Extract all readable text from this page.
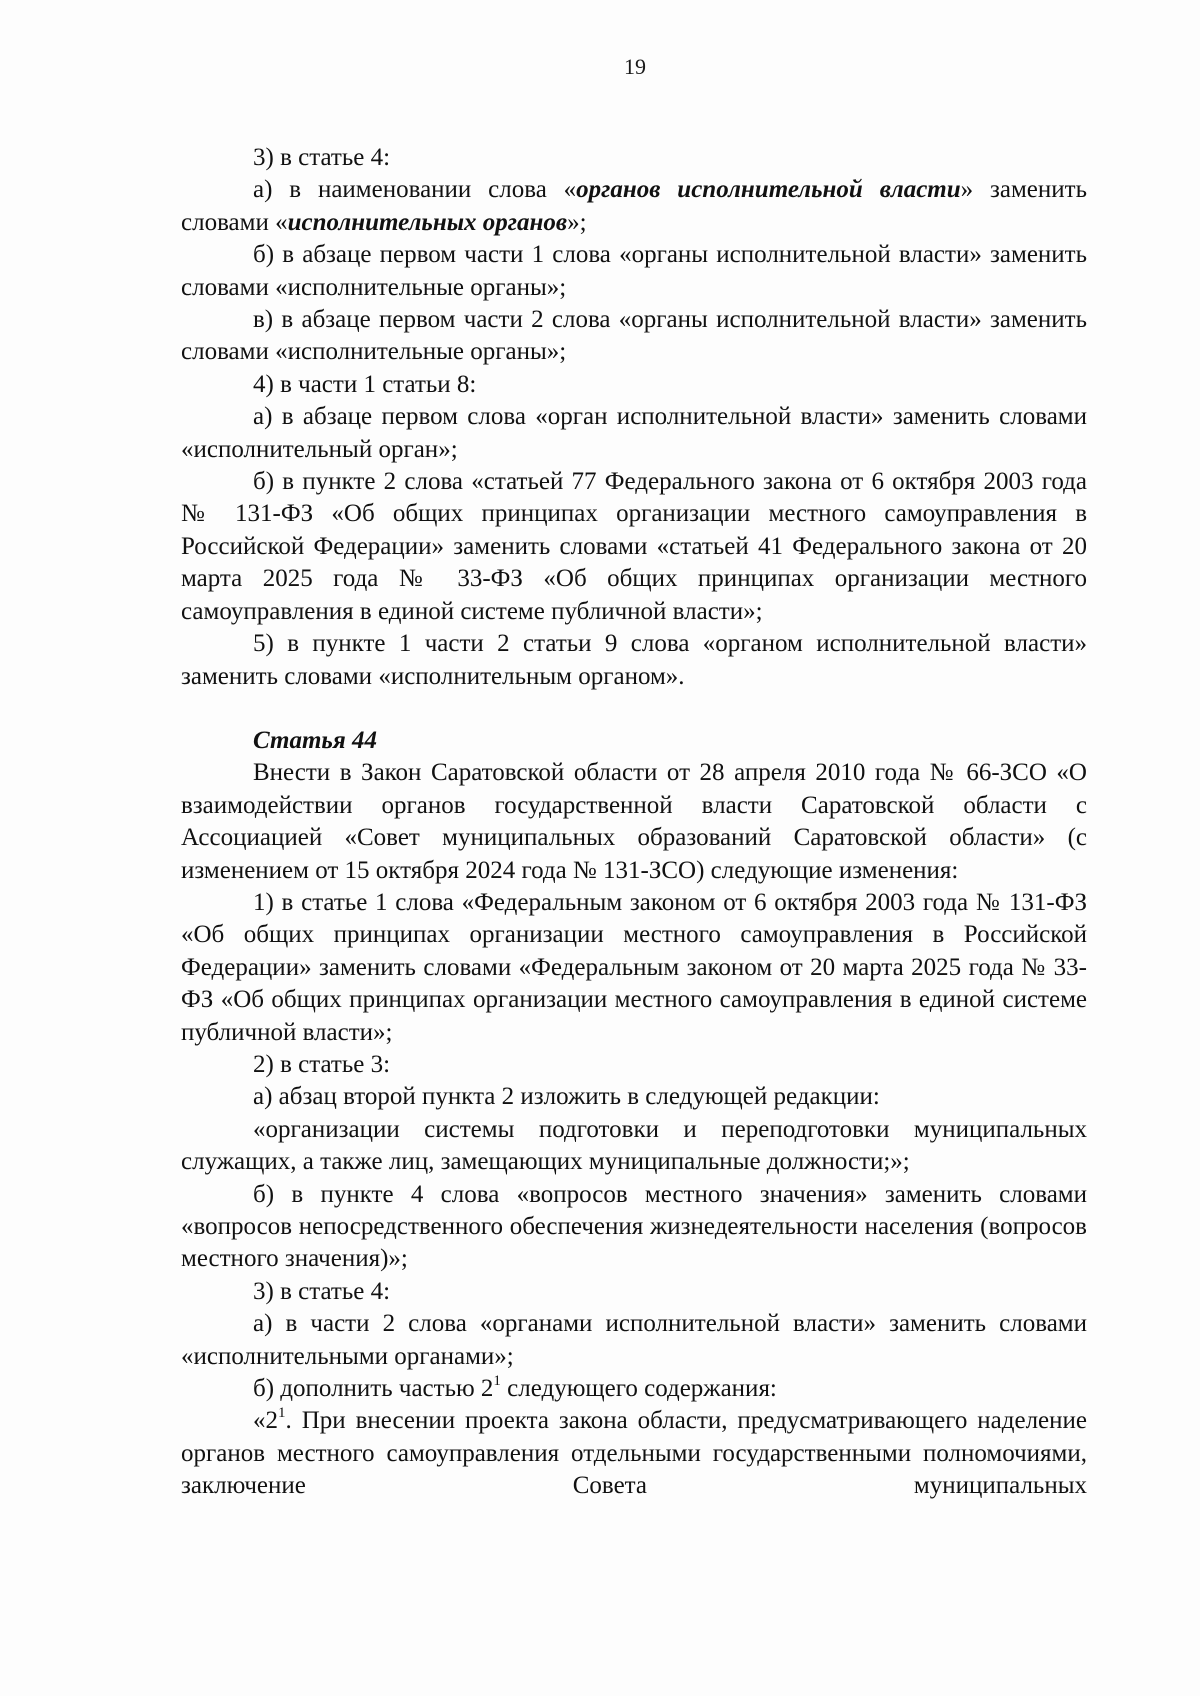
19

3) в статье 4:

а) в наименовании слова «органов исполнительной власти» заменить словами «исполнительных органов»;

б) в абзаце первом части 1 слова «органы исполнительной власти» заменить словами «исполнительные органы»;

в) в абзаце первом части 2 слова «органы исполнительной власти» заменить словами «исполнительные органы»;

4) в части 1 статьи 8:

а) в абзаце первом слова «орган исполнительной власти» заменить словами «исполнительный орган»;

б) в пункте 2 слова «статьей 77 Федерального закона от 6 октября 2003 года № 131-ФЗ «Об общих принципах организации местного самоуправления в Российской Федерации» заменить словами «статьей 41 Федерального закона от 20 марта 2025 года № 33-ФЗ «Об общих принципах организации местного самоуправления в единой системе публичной власти»;

5) в пункте 1 части 2 статьи 9 слова «органом исполнительной власти» заменить словами «исполнительным органом».

Статья 44

Внести в Закон Саратовской области от 28 апреля 2010 года № 66-ЗСО «О взаимодействии органов государственной власти Саратовской области с Ассоциацией «Совет муниципальных образований Саратовской области» (с изменением от 15 октября 2024 года № 131-ЗСО) следующие изменения:

1) в статье 1 слова «Федеральным законом от 6 октября 2003 года № 131-ФЗ «Об общих принципах организации местного самоуправления в Российской Федерации» заменить словами «Федеральным законом от 20 марта 2025 года № 33-ФЗ «Об общих принципах организации местного самоуправления в единой системе публичной власти»;

2) в статье 3:

а) абзац второй пункта 2 изложить в следующей редакции:

«организации системы подготовки и переподготовки муниципальных служащих, а также лиц, замещающих муниципальные должности;»;

б) в пункте 4 слова «вопросов местного значения» заменить словами «вопросов непосредственного обеспечения жизнедеятельности населения (вопросов местного значения)»;

3) в статье 4:

а) в части 2 слова «органами исполнительной власти» заменить словами «исполнительными органами»;

б) дополнить частью $2^1$ следующего содержания:

«$2^1$. При внесении проекта закона области, предусматривающего наделение органов местного самоуправления отдельными государственными полномочиями, заключение Совета муниципальных
